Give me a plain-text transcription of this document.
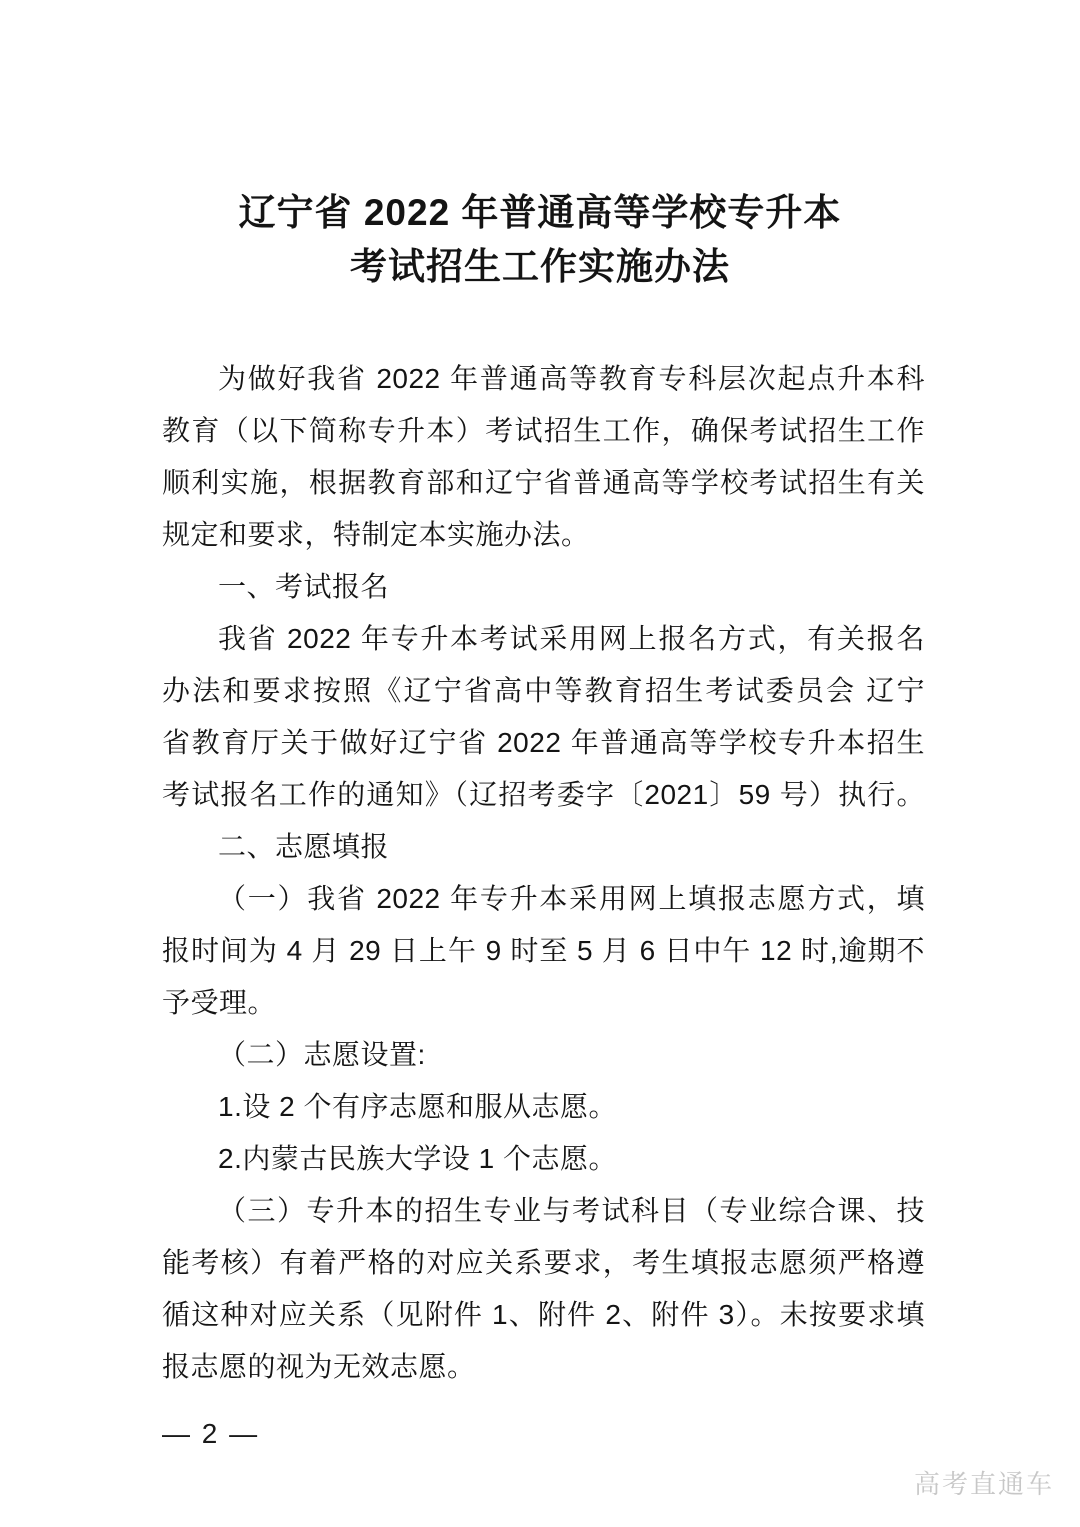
辽宁省 2022 年普通高等学校专升本
考试招生工作实施办法
为做好我省 2022 年普通高等教育专科层次起点升本科
教育（以下简称专升本）考试招生工作，确保考试招生工作
顺利实施，根据教育部和辽宁省普通高等学校考试招生有关
规定和要求，特制定本实施办法。
一、考试报名
我省 2022 年专升本考试采用网上报名方式，有关报名
办法和要求按照《辽宁省高中等教育招生考试委员会 辽宁
省教育厅关于做好辽宁省 2022 年普通高等学校专升本招生
考试报名工作的通知》（辽招考委字〔2021〕59 号）执行。
二、志愿填报
（一）我省 2022 年专升本采用网上填报志愿方式，填
报时间为 4 月 29 日上午 9 时至 5 月 6 日中午 12 时,逾期不
予受理。
（二）志愿设置:
1.设 2 个有序志愿和服从志愿。
2.内蒙古民族大学设 1 个志愿。
（三）专升本的招生专业与考试科目（专业综合课、技
能考核）有着严格的对应关系要求，考生填报志愿须严格遵
循这种对应关系（见附件 1、附件 2、附件 3）。未按要求填
报志愿的视为无效志愿。
— 2 —
高考直通车
